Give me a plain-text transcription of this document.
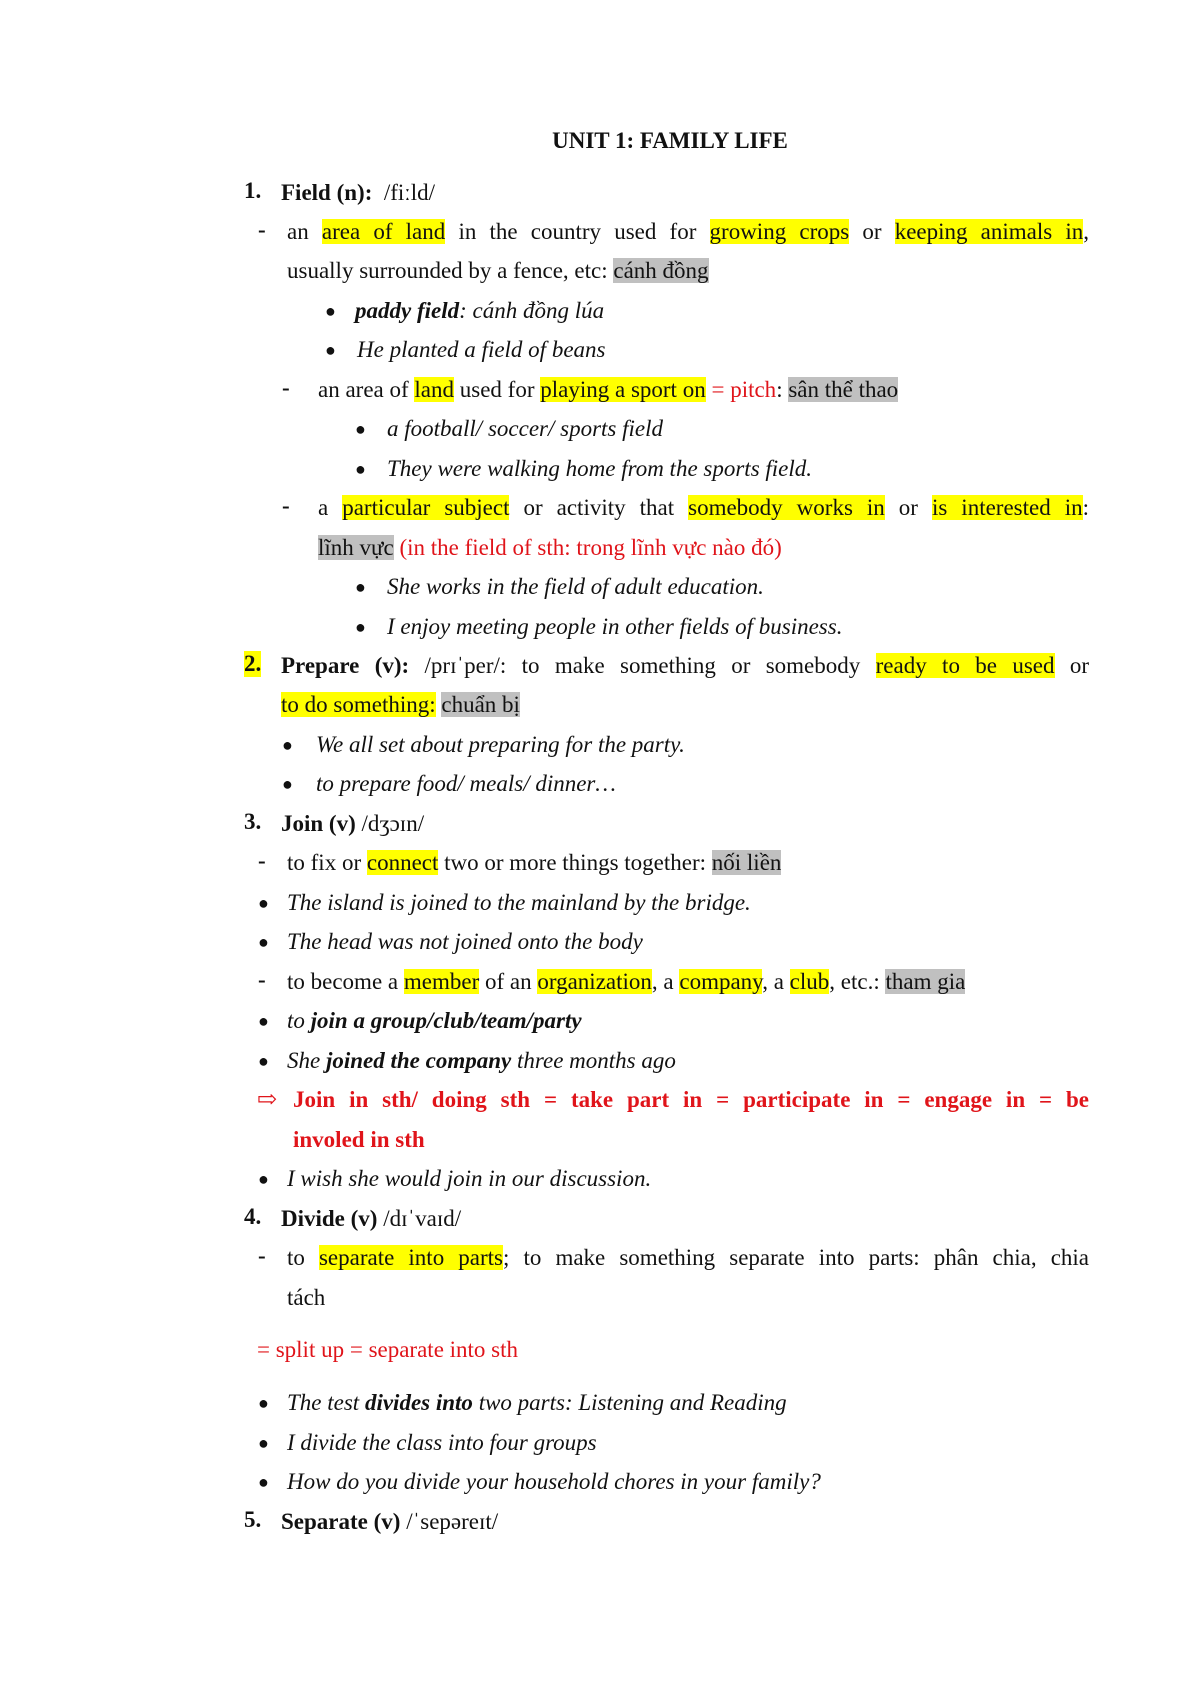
UNIT 1: FAMILY LIFE
1. Field (n): /fiːld/
- an area of land in the country used for growing crops or keeping animals in,
usually surrounded by a fence, etc: cánh đồng
● paddy field: cánh đồng lúa
● He planted a field of beans
- an area of land used for playing a sport on = pitch: sân thể thao
● a football/ soccer/ sports field
● They were walking home from the sports field.
- a particular subject or activity that somebody works in or is interested in:
lĩnh vực (in the field of sth: trong lĩnh vực nào đó)
● She works in the field of adult education.
● I enjoy meeting people in other fields of business.
2. Prepare (v): /prɪˈper/: to make something or somebody ready to be used or
to do something: chuẩn bị
● We all set about preparing for the party.
● to prepare food/ meals/ dinner…
3. Join (v) /dʒɔɪn/
- to fix or connect two or more things together: nối liền
● The island is joined to the mainland by the bridge.
● The head was not joined onto the body
- to become a member of an organization, a company, a club, etc.: tham gia
● to join a group/club/team/party
● She joined the company three months ago
⇨ Join in sth/ doing sth = take part in = participate in = engage in = be
involed in sth
● I wish she would join in our discussion.
4. Divide (v) /dɪˈvaɪd/
- to separate into parts; to make something separate into parts: phân chia, chia
tách
= split up = separate into sth
● The test divides into two parts: Listening and Reading
● I divide the class into four groups
● How do you divide your household chores in your family?
5. Separate (v) /ˈsepəreɪt/
